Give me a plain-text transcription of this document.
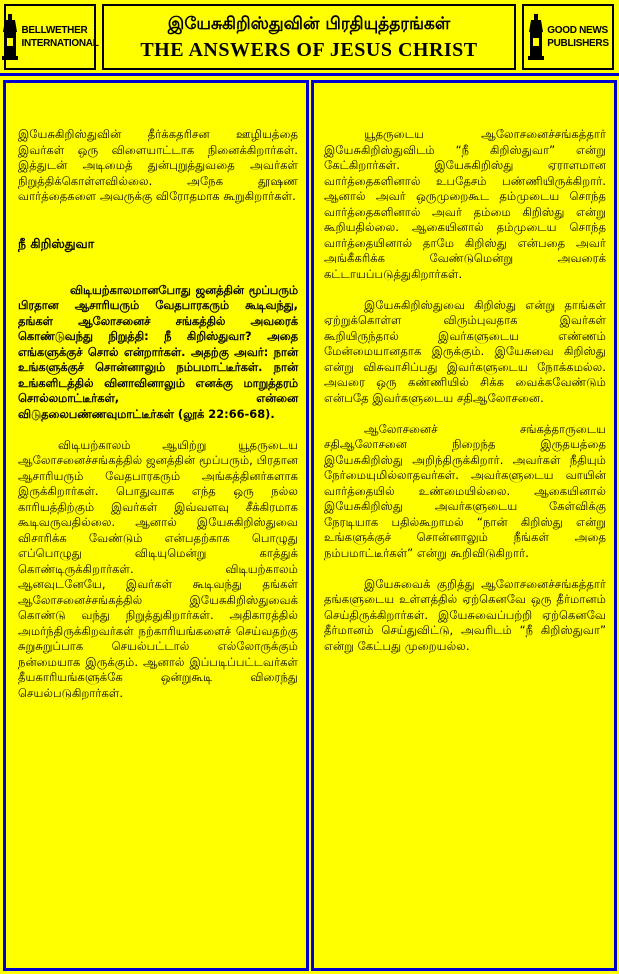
BELLWETHER
INTERNATIONAL
இயேசுகிறிஸ்துவின் பிரதியுத்தரங்கள்
THE ANSWERS OF JESUS CHRIST
GOOD NEWS
PUBLISHERS

இயேசுகிறிஸ்துவின் தீர்க்கதரிசன ஊழியத்தை இவர்கள் ஒரு விளையாட்டாக நினைக்கிறார்கள். இத்துடன் அடிமைத் துன்புறுத்துவதை அவர்கள் நிறுத்திக்கொள்ளவில்லை. அநேக தூஷண வார்த்தைகளை அவருக்கு விரோதமாக கூறுகிறார்கள்.

நீ கிறிஸ்துவா

விடியற்காலமானபோது ஜனத்தின் மூப்பரும் பிரதான ஆசாரியரும் வேதபாரகரும் கூடிவந்து, தங்கள் ஆலோசனைச் சங்கத்தில் அவரைக் கொண்டுவந்து நிறுத்தி: நீ கிறிஸ்துவா? அதை எங்களுக்குச் சொல் என்றார்கள். அதற்கு அவர்: நான் உங்களுக்குச் சொன்னாலும் நம்பமாட்டீர்கள். நான் உங்களிடத்தில் வினாவினாலும் எனக்கு மாறுத்தரம் சொல்லமாட்டீர்கள், என்னை விடுதலைபண்ணவுமாட்டீர்கள் (லூக் 22:66-68).

விடியற்காலம் ஆயிற்று யூதருடைய ஆலோசனைச்சங்கத்தில் ஜனத்தின் மூப்பரும், பிரதான ஆசாரியரும் வேதபாரகரும் அங்கத்தினர்களாக இருக்கிறார்கள். பொதுவாக எந்த ஒரு நல்ல காரியத்திற்கும் இவர்கள் இவ்வளவு சீக்கிரமாக கூடிவருவதில்லை. ஆனால் இயேசுகிறிஸ்துவை விசாரிக்க வேண்டும் என்பதற்காக பொழுது எப்பொழுது விடியுமென்று காத்துக் கொண்டிருக்கிறார்கள். விடியற்காலம் ஆனவுடனேயே, இவர்கள் கூடிவந்து தங்கள் ஆலோசனைச்சங்கத்தில் இயேசுகிறிஸ்துவைக் கொண்டு வந்து நிறுத்துகிறார்கள். அதிகாரத்தில் அமர்ந்திருக்கிறவர்கள் நற்காரியங்களைச் செய்வதற்கு சுறுசுறுப்பாக செயல்பட்டால் எல்லோருக்கும் நன்மையாக இருக்கும். ஆனால் இப்படிப்பட்டவர்கள் தீயகாரியங்களுக்கே ஒன்றுகூடி விரைந்து செயல்படுகிறார்கள்.

யூதருடைய ஆலோசனைச்சங்கத்தார் இயேசுகிறிஸ்துவிடம் “நீ கிறிஸ்துவா” என்று கேட்கிறார்கள். இயேசுகிறிஸ்து ஏராளமான வார்த்தைகளினால் உபதேசம் பண்ணியிருக்கிறார். ஆனால் அவர் ஒருமுறைகூட தம்முடைய சொந்த வார்த்தைகளினால் அவர் தம்மை கிறிஸ்து என்று கூறியதில்லை. ஆகையினால் தம்முடைய சொந்த வார்த்தையினால் தாமே கிறிஸ்து என்பதை அவர் அங்கீகரிக்க வேண்டுமென்று அவரைக் கட்டாயப்படுத்துகிறார்கள்.

இயேசுகிறிஸ்துவை கிறிஸ்து என்று தாங்கள் ஏற்றுக்கொள்ள விரும்புவதாக இவர்கள் கூறியிருந்தால் இவர்களுடைய எண்ணம் மேன்மையானதாக இருக்கும். இயேசுவை கிறிஸ்து என்று விசுவாசிப்பது இவர்களுடைய நோக்கமல்ல. அவரை ஒரு கண்ணியில் சிக்க வைக்கவேண்டும் என்பதே இவர்களுடைய சதிஆலோசனை.

ஆலோசனைச் சங்கத்தாருடைய சதிஆலோசனை நிறைந்த இருதயத்தை இயேசுகிறிஸ்து அறிந்திருக்கிறார். அவர்கள் நீதியும் நேர்மையுமில்லாதவர்கள். அவர்களுடைய வாயின் வார்த்தையில் உண்மையில்லை. ஆகையினால் இயேசுகிறிஸ்து அவர்களுடைய கேள்விக்கு நேரடியாக பதில்கூறாமல் “நான் கிறிஸ்து என்று உங்களுக்குச் சொன்னாலும் நீங்கள் அதை நம்பமாட்டீர்கள்” என்று கூறிவிடுகிறார்.

இயேசுவைக் குறித்து ஆலோசனைச்சங்கத்தார் தங்களுடைய உள்ளத்தில் ஏற்கெனவே ஒரு தீர்மானம் செய்திருக்கிறார்கள். இயேசுவைப்பற்றி ஏற்கெனவே தீர்மானம் செய்துவிட்டு, அவரிடம் “நீ கிறிஸ்துவா” என்று கேட்பது முறையல்ல.
